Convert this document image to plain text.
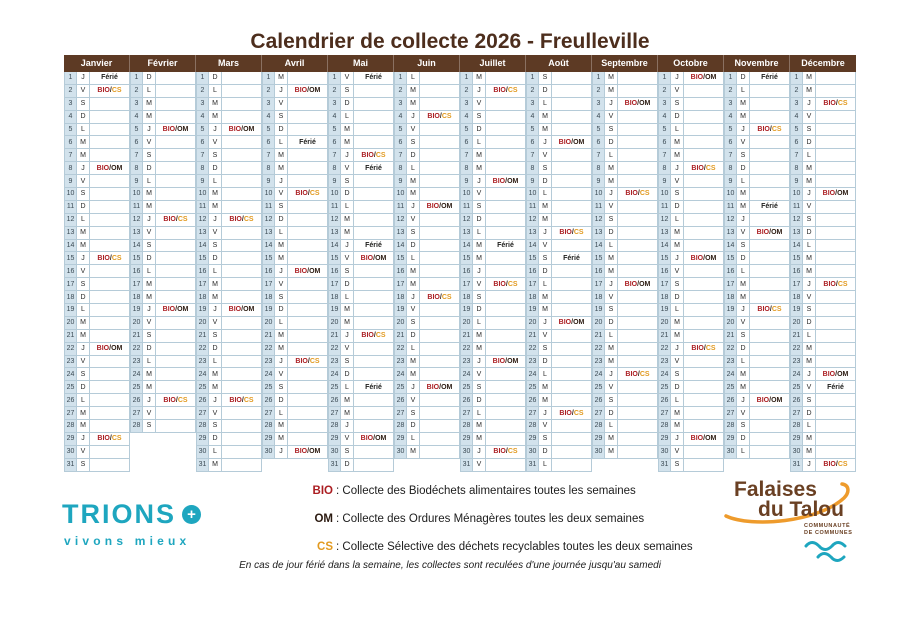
Calendrier de collecte 2026 - Freulleville
Janvier
1	J	Férié
2	V	BIO / CS
3	S
4	D
5	L
6	M
7	M
8	J	BIO / OM
9	V
10 S
11 D
12 L
13 M
14 M
15 J	BIO / CS
16 V
17 S
18 D
19 L
20 M
21 M
22 J	BIO / OM
23 V
24 S
25 D
26 L
27 M
28 M
29 J	BIO / CS
30 V
31 S
Février
1	D
2	L
3	M
4	M
5	J	BIO / OM
6	V
7	S
8	D
9	L
10 M
11 M
12 J	BIO / CS
13 V
14 S
15 D
16 L
17 M
18 M
19 J	BIO / OM
20 V
21 S
22 D
23 L
24 M
25 M
26 J	BIO / CS
27 V
28 S
Mars
1	D
2	L
3	M
4	M
5	J	BIO / OM
6	V
7	S
8	D
9	L
10 M
11 M
12 J	BIO / CS
13 V
14 S
15 D
16 L
17 M
18 M
19 J	BIO / OM
20 V
21 S
22 D
23 L
24 M
25 M
26 J	BIO / CS
27 V
28 S
29 D
30 L
31 M
Avril
1	M
2	J	BIO / OM
3	V
4	S
5	D
6	L	Férié
7	M
8	M
9	J
10 V	BIO / CS
11 S
12 D
13 L
14 M
15 M
16 J	BIO / OM
17 V
18 S
19 D
20 L
21 M
22 M
23 J	BIO / CS
24 V
25 S
26 D
27 L
28 M
29 M
30 J	BIO / OM
Mai
1	V	Férié
2	S
3	D
4	L
5	M
6	M
7	J	BIO / CS
8	V	Férié
9	S
10 D
11 L
12 M
13 M
14 J	Férié
15 V	BIO / OM
16 S
17 D
18 L
19 M
20 M
21 J	BIO / CS
22 V
23 S
24 D
25 L	Férié
26 M
27 M
28 J
29 V	BIO / OM
30 S
31 D
Juin
1	L
2	M
3	M
4	J	BIO / CS
5	V
6	S
7	D
8	L
9	M
10 M
11	J	BIO / OM
12 V
13 S
14 D
15 L
16 M
17 M
18 J	BIO / CS
19 V
20 S
21 D
22 L
23 M
24 M
25 J	BIO / OM
26 V
27 S
28 D
29 L
30 M
Juillet
1	M
2	J	BIO / CS
3	V
4	S
5	D
6	L
7	M
8	M
9	J	BIO / OM
10 V
11 S
12 D
13 L
14 M	Férié
15 M
16 J
17 V	BIO / CS
18 S
19 D
20 L
21 M
22 M
23 J	BIO / OM
24 V
25 S
26 D
27 L
28 M
29 M
30 J	BIO / CS
31 V
Août
1	S
2	D
3	L
4	M
5	M
6	J	BIO / OM
7	V
8	S
9	D
10 L
11 M
12 M
13 J	BIO / CS
14 V
15 S	Férié
16 D
17 L
18 M
19 M
20 J	BIO / OM
21 V
22 S
23 D
24 L
25 M
26 M
27 J	BIO / CS
28 V
29 S
30 D
31 L
Septembre
1	M
2	M
3	J	BIO / OM
4	V
5	S
6	D
7	L
8	M
9	M
10 J	BIO / CS
11 V
12 S
13 D
14 L
15 M
16 M
17 J	BIO / OM
18 V
19 S
20 D
21 L
22 M
23 M
24 J	BIO / CS
25 V
26 S
27 D
28 L
29 M
30 M
Octobre
1	J	BIO / OM
2	V
3	S
4	D
5	L
6	M
7	M
8	J	BIO / CS
9	V
10 S
11 D
12 L
13 M
14 M
15 J	BIO / OM
16 V
17 S
18 D
19 L
20 M
21 M
22 J	BIO / CS
23 V
24 S
25 D
26 L
27 M
28 M
29 J	BIO / OM
30 V
31 S
Novembre
1	D	Férié
2	L
3	M
4	M
5	J	BIO / CS
6	V
7	S
8	D
9	L
10 M
11 M	Férié
12 J
13 V	BIO / OM
14 S
15 D
16 L
17 M
18 M
19 J	BIO / CS
20 V
21 S
22 D
23 L
24 M
25 M
26 J	BIO / OM
27 V
28 S
29 D
30 L
Décembre
1	M
2	M
3	J	BIO / CS
4	V
5	S
6	D
7	L
8	M
9	M
10 J	BIO / OM
11 V
12 S
13 D
14 L
15 M
16 M
17 J	BIO / CS
18 V
19 S
20 D
21 L
22 M
23 M
24 J	BIO / OM
25 V	Férié
26 S
27 D
28 L
29 M
30 M
31 J	BIO / CS
TRIONS +
vivons mieux
BIO : Collecte des Biodéchets alimentaires toutes les semaines
OM : Collecte des Ordures Ménagères toutes les deux semaines
CS : Collecte Sélective des déchets recyclables toutes les deux semaines
En cas de jour férié dans la semaine, les collectes sont reculées d'une journée jusqu'au samedi
Falaises
du Talou
COMMUNAUTÉ
DE COMMUNES
